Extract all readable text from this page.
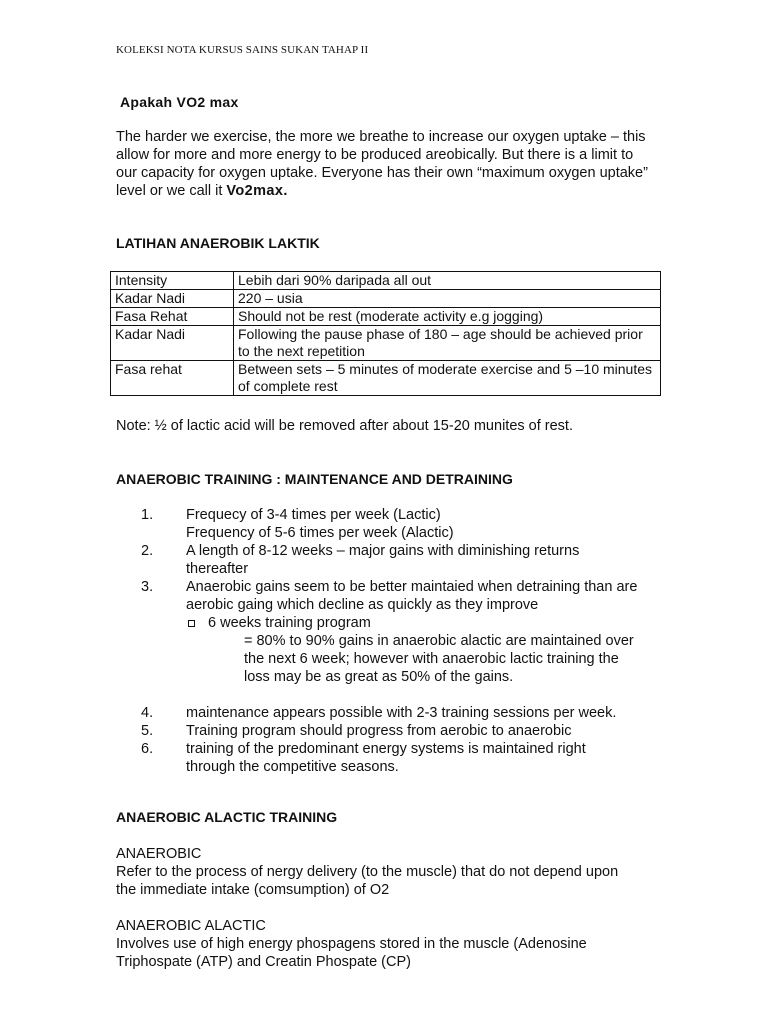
KOLEKSI NOTA KURSUS SAINS SUKAN TAHAP II
Apakah VO2 max
The harder we exercise, the more we breathe to increase our oxygen uptake – this allow for more and more energy to be produced areobically. But there is a limit to our capacity for oxygen uptake. Everyone has their own “maximum oxygen uptake” level or we call it Vo2max.
LATIHAN ANAEROBIK LAKTIK
Intensity	Lebih dari 90% daripada all out
Kadar Nadi	220 – usia
Fasa Rehat	Should not be rest (moderate activity e.g jogging)
Kadar Nadi	Following the pause phase of 180 – age should be achieved prior to the next repetition
Fasa rehat	Between sets – 5 minutes of moderate exercise and 5 –10 minutes of complete rest
Note: ½ of lactic acid will be removed after about 15-20 munites of rest.
ANAEROBIC TRAINING : MAINTENANCE AND DETRAINING
1. Frequecy of 3-4 times per week (Lactic)
Frequency of 5-6 times per week (Alactic)
2. A length of 8-12 weeks – major gains with diminishing returns thereafter
3. Anaerobic gains seem to be better maintaied when detraining than are aerobic gaing which decline as quickly as they improve
6 weeks training program
= 80% to 90% gains in anaerobic alactic are maintained over the next 6 week; however with anaerobic lactic training the loss may be as great as 50% of the gains.
4. maintenance appears possible with 2-3 training sessions per week.
5. Training program should progress from aerobic to anaerobic
6. training of the predominant energy systems is maintained right through the competitive seasons.
ANAEROBIC ALACTIC TRAINING
ANAEROBIC
Refer to the process of nergy delivery (to the muscle) that do not depend upon the immediate intake (comsumption) of O2
ANAEROBIC ALACTIC
Involves use of high energy phospagens stored in the muscle (Adenosine Triphospate (ATP) and Creatin Phospate (CP)
